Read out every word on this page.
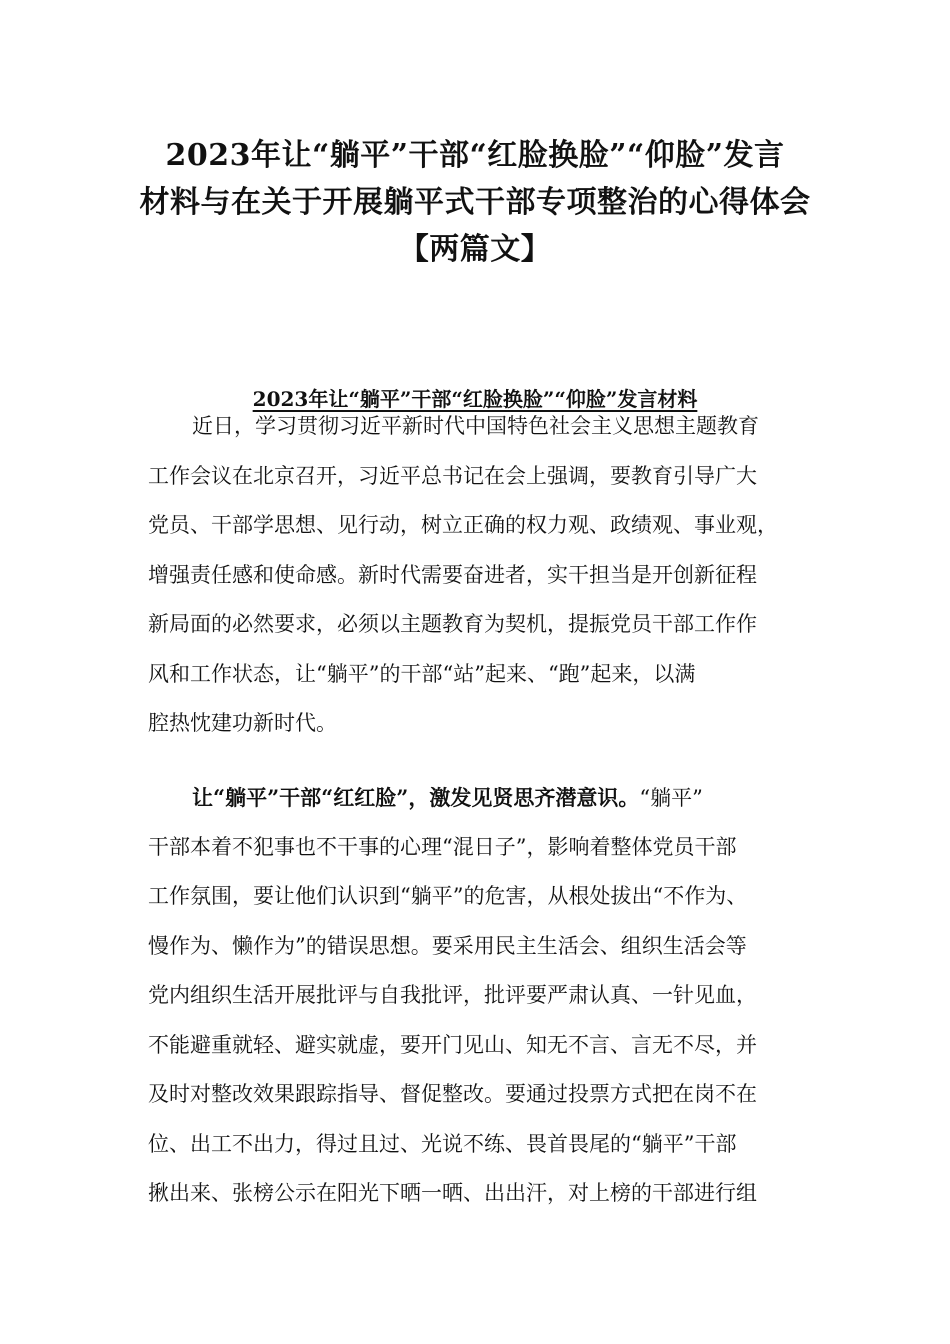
2023年让“躺平”干部“红脸换脸”“仰脸”发言
材料与在关于开展躺平式干部专项整治的心得体会
【两篇文】
2023年让“躺平”干部“红脸换脸”“仰脸”发言材料

近日，学习贯彻习近平新时代中国特色社会主义思想主题教育
工作会议在北京召开，习近平总书记在会上强调，要教育引导广大
党员、干部学思想、见行动，树立正确的权力观、政绩观、事业观，
增强责任感和使命感。新时代需要奋进者，实干担当是开创新征程
新局面的必然要求，必须以主题教育为契机，提振党员干部工作作
风和工作状态，让“躺平”的干部“站”起来、“跑”起来，以满
腔热忱建功新时代。

让“躺平”干部“红红脸”，激发见贤思齐潜意识。“躺平”
干部本着不犯事也不干事的心理“混日子”，影响着整体党员干部
工作氛围，要让他们认识到“躺平”的危害，从根处拔出“不作为、
慢作为、懒作为”的错误思想。要采用民主生活会、组织生活会等
党内组织生活开展批评与自我批评，批评要严肃认真、一针见血，
不能避重就轻、避实就虚，要开门见山、知无不言、言无不尽，并
及时对整改效果跟踪指导、督促整改。要通过投票方式把在岗不在
位、出工不出力，得过且过、光说不练、畏首畏尾的“躺平”干部
揪出来、张榜公示在阳光下晒一晒、出出汗，对上榜的干部进行组
